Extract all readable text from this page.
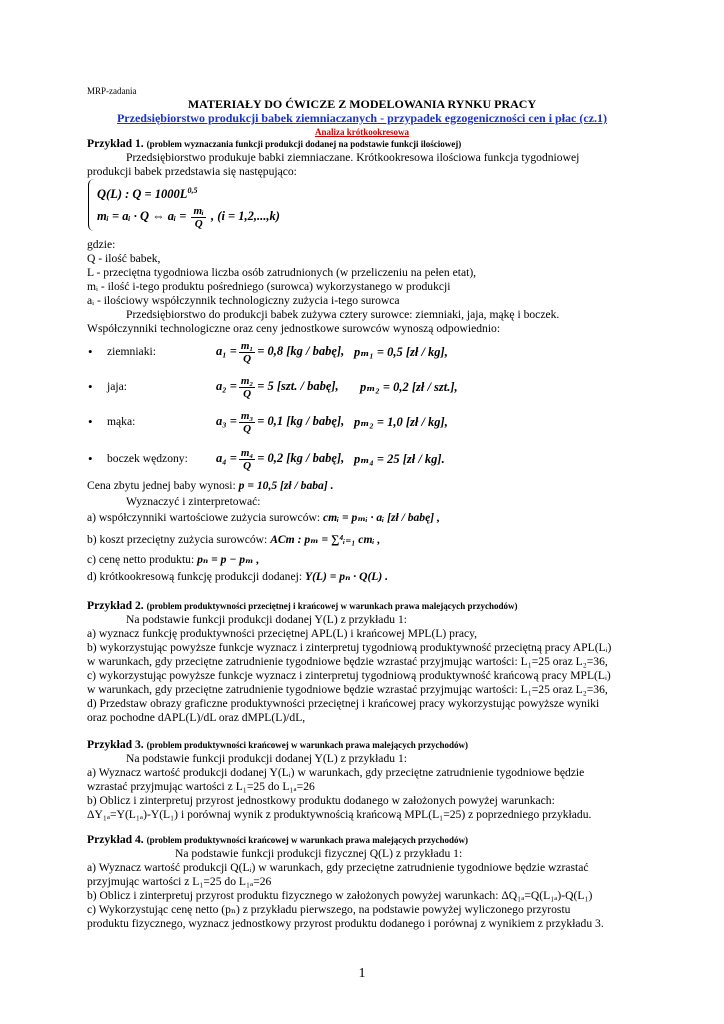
MRP-zadania
MATERIAŁY DO ĆWICZE Z MODELOWANIA RYNKU PRACY
Przedsiębiorstwo produkcji babek ziemniaczanych - przypadek egzogeniczności cen i płac (cz.1)
Analiza krótkookresowa
Przykład 1. (problem wyznaczania funkcji produkcji dodanej na podstawie funkcji ilościowej)
Przedsiębiorstwo produkuje babki ziemniaczane. Krótkookresowa ilościowa funkcja tygodniowej
produkcji babek przedstawia się następująco:
Q(L) : $Q = 1000L^{0,5}$
mᵢ = aᵢ · Q ⇔ aᵢ = $\frac{\text{mᵢ}}{Q}$ , (i = 1,2,...,k)
gdzie:
Q - ilość babek,
L - przeciętna tygodniowa liczba osób zatrudnionych (w przeliczeniu na pełen etat),
mᵢ - ilość i-tego produktu pośredniego (surowca) wykorzystanego w produkcji
aᵢ - ilościowy współczynnik technologiczny zużycia i-tego surowca
Przedsiębiorstwo do produkcji babek zużywa cztery surowce: ziemniaki, jaja, mąkę i boczek.
Współczynniki technologiczne oraz ceny jednostkowe surowców wynoszą odpowiednio:
• ziemniaki:	$a_1 = \frac{\text{m₁}}{Q} = 0,8$ [kg / babę], pₘ₁ = 0,5 [zł / kg],
• jaja:	$a_2 = \frac{\text{m₂}}{Q} = 5$ [szt. / babę], pₘ₂ = 0,2 [zł / szt.],
• mąka:	$a_3 = \frac{\text{m₃}}{Q} = 0,1$ [kg / babę], pₘ₂ = 1,0 [zł / kg],
• boczek wędzony: $a_4 = \frac{\text{m₄}}{Q} = 0,2$ [kg / babę], pₘ₄ = 25 [zł / kg].
Cena zbytu jednej baby wynosi: p = 10,5 [zł / baba] .
Wyznaczyć i zinterpretować:
a) współczynniki wartościowe zużycia surowców: cmᵢ = pₘᵢ · aᵢ [zł / babę] ,
b) koszt przeciętny zużycia surowców: ACm : pₘ = ∑⁴ᵢ₌₁ cmᵢ ,
c) cenę netto produktu: pₙ = p − pₘ ,
d) krótkookresową funkcję produkcji dodanej: Y(L) = pₙ · Q(L) .
Przykład 2. (problem produktywności przeciętnej i krańcowej w warunkach prawa malejących przychodów)
Na podstawie funkcji produkcji dodanej Y(L) z przykładu 1:
a) wyznacz funkcję produktywności przeciętnej APL(L) i krańcowej MPL(L) pracy,
b) wykorzystując powyższe funkcje wyznacz i zinterpretuj tygodniową produktywność przeciętną pracy APL(Lᵢ)
w warunkach, gdy przeciętne zatrudnienie tygodniowe będzie wzrastać przyjmując wartości: L₁=25 oraz L₂=36,
c) wykorzystując powyższe funkcje wyznacz i zinterpretuj tygodniową produktywność krańcową pracy MPL(Lᵢ)
w warunkach, gdy przeciętne zatrudnienie tygodniowe będzie wzrastać przyjmując wartości: L₁=25 oraz L₂=36,
d) Przedstaw obrazy graficzne produktywności przeciętnej i krańcowej pracy wykorzystując powyższe wyniki
oraz pochodne dAPL(L)/dL oraz dMPL(L)/dL,
Przykład 3. (problem produktywności krańcowej w warunkach prawa malejących przychodów)
Na podstawie funkcji produkcji dodanej Y(L) z przykładu 1:
a) Wyznacz wartość produkcji dodanej Y(Lᵢ) w warunkach, gdy przeciętne zatrudnienie tygodniowe będzie
wzrastać przyjmując wartości z L₁=25 do L₁ₐ=26
b) Oblicz i zinterpretuj przyrost jednostkowy produktu dodanego w założonych powyżej warunkach:
ΔY₁ₐ=Y(L₁ₐ)-Y(L₁) i porównaj wynik z produktywnością krańcową MPL(L₁=25) z poprzedniego przykładu.
Przykład 4. (problem produktywności krańcowej w warunkach prawa malejących przychodów)
Na podstawie funkcji produkcji fizycznej Q(L) z przykładu 1:
a) Wyznacz wartość produkcji Q(Lᵢ) w warunkach, gdy przeciętne zatrudnienie tygodniowe będzie wzrastać
przyjmując wartości z L₁=25 do L₁ₐ=26
b) Oblicz i zinterpretuj przyrost produktu fizycznego w założonych powyżej warunkach: ΔQ₁ₐ=Q(L₁ₐ)-Q(L₁)
c) Wykorzystując cenę netto (pₙ) z przykładu pierwszego, na podstawie powyżej wyliczonego przyrostu
produktu fizycznego, wyznacz jednostkowy przyrost produktu dodanego i porównaj z wynikiem z przykładu 3.
1
